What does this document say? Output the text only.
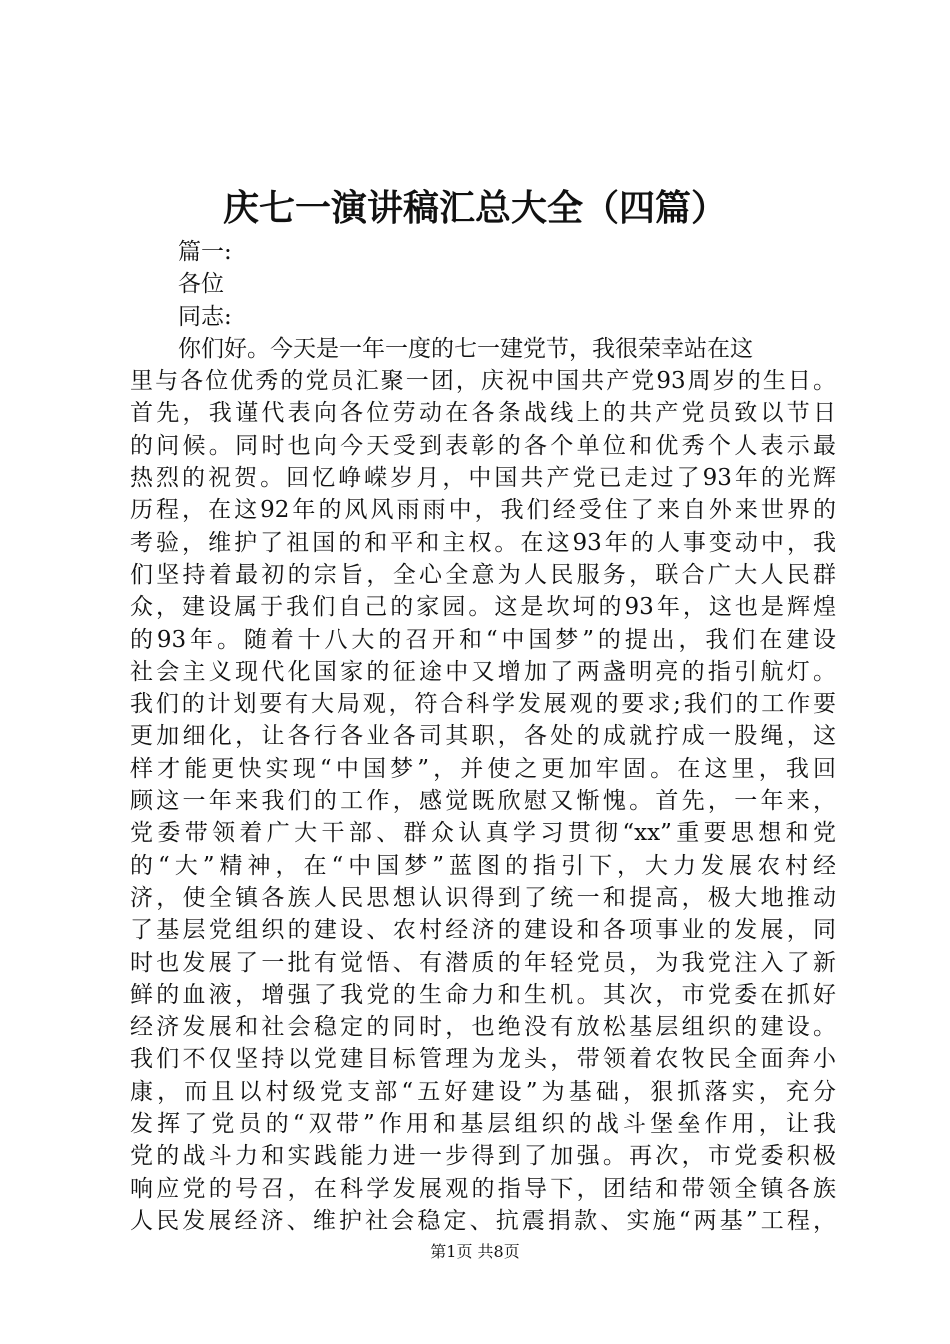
庆七一演讲稿汇总大全（四篇）
篇一:
各位
同志:
你们好。今天是一年一度的七一建党节，我很荣幸站在这
里与各位优秀的党员汇聚一团，庆祝中国共产党93周岁的生日。
首先，我谨代表向各位劳动在各条战线上的共产党员致以节日
的问候。同时也向今天受到表彰的各个单位和优秀个人表示最
热烈的祝贺。回忆峥嵘岁月，中国共产党已走过了93年的光辉
历程，在这92年的风风雨雨中，我们经受住了来自外来世界的
考验，维护了祖国的和平和主权。在这93年的人事变动中，我
们坚持着最初的宗旨，全心全意为人民服务，联合广大人民群
众，建设属于我们自己的家园。这是坎坷的93年，这也是辉煌
的93年。随着十八大的召开和“中国梦”的提出，我们在建设
社会主义现代化国家的征途中又增加了两盏明亮的指引航灯。
我们的计划要有大局观，符合科学发展观的要求;我们的工作要
更加细化，让各行各业各司其职，各处的成就拧成一股绳，这
样才能更快实现“中国梦”，并使之更加牢固。在这里，我回
顾这一年来我们的工作，感觉既欣慰又惭愧。首先，一年来，
党委带领着广大干部、群众认真学习贯彻“xx”重要思想和党
的“大”精神，在“中国梦”蓝图的指引下，大力发展农村经
济，使全镇各族人民思想认识得到了统一和提高，极大地推动
了基层党组织的建设、农村经济的建设和各项事业的发展，同
时也发展了一批有觉悟、有潜质的年轻党员，为我党注入了新
鲜的血液，增强了我党的生命力和生机。其次，市党委在抓好
经济发展和社会稳定的同时，也绝没有放松基层组织的建设。
我们不仅坚持以党建目标管理为龙头，带领着农牧民全面奔小
康，而且以村级党支部“五好建设”为基础，狠抓落实，充分
发挥了党员的“双带”作用和基层组织的战斗堡垒作用，让我
党的战斗力和实践能力进一步得到了加强。再次，市党委积极
响应党的号召，在科学发展观的指导下，团结和带领全镇各族
人民发展经济、维护社会稳定、抗震捐款、实施“两基”工程，
第1页 共8页
